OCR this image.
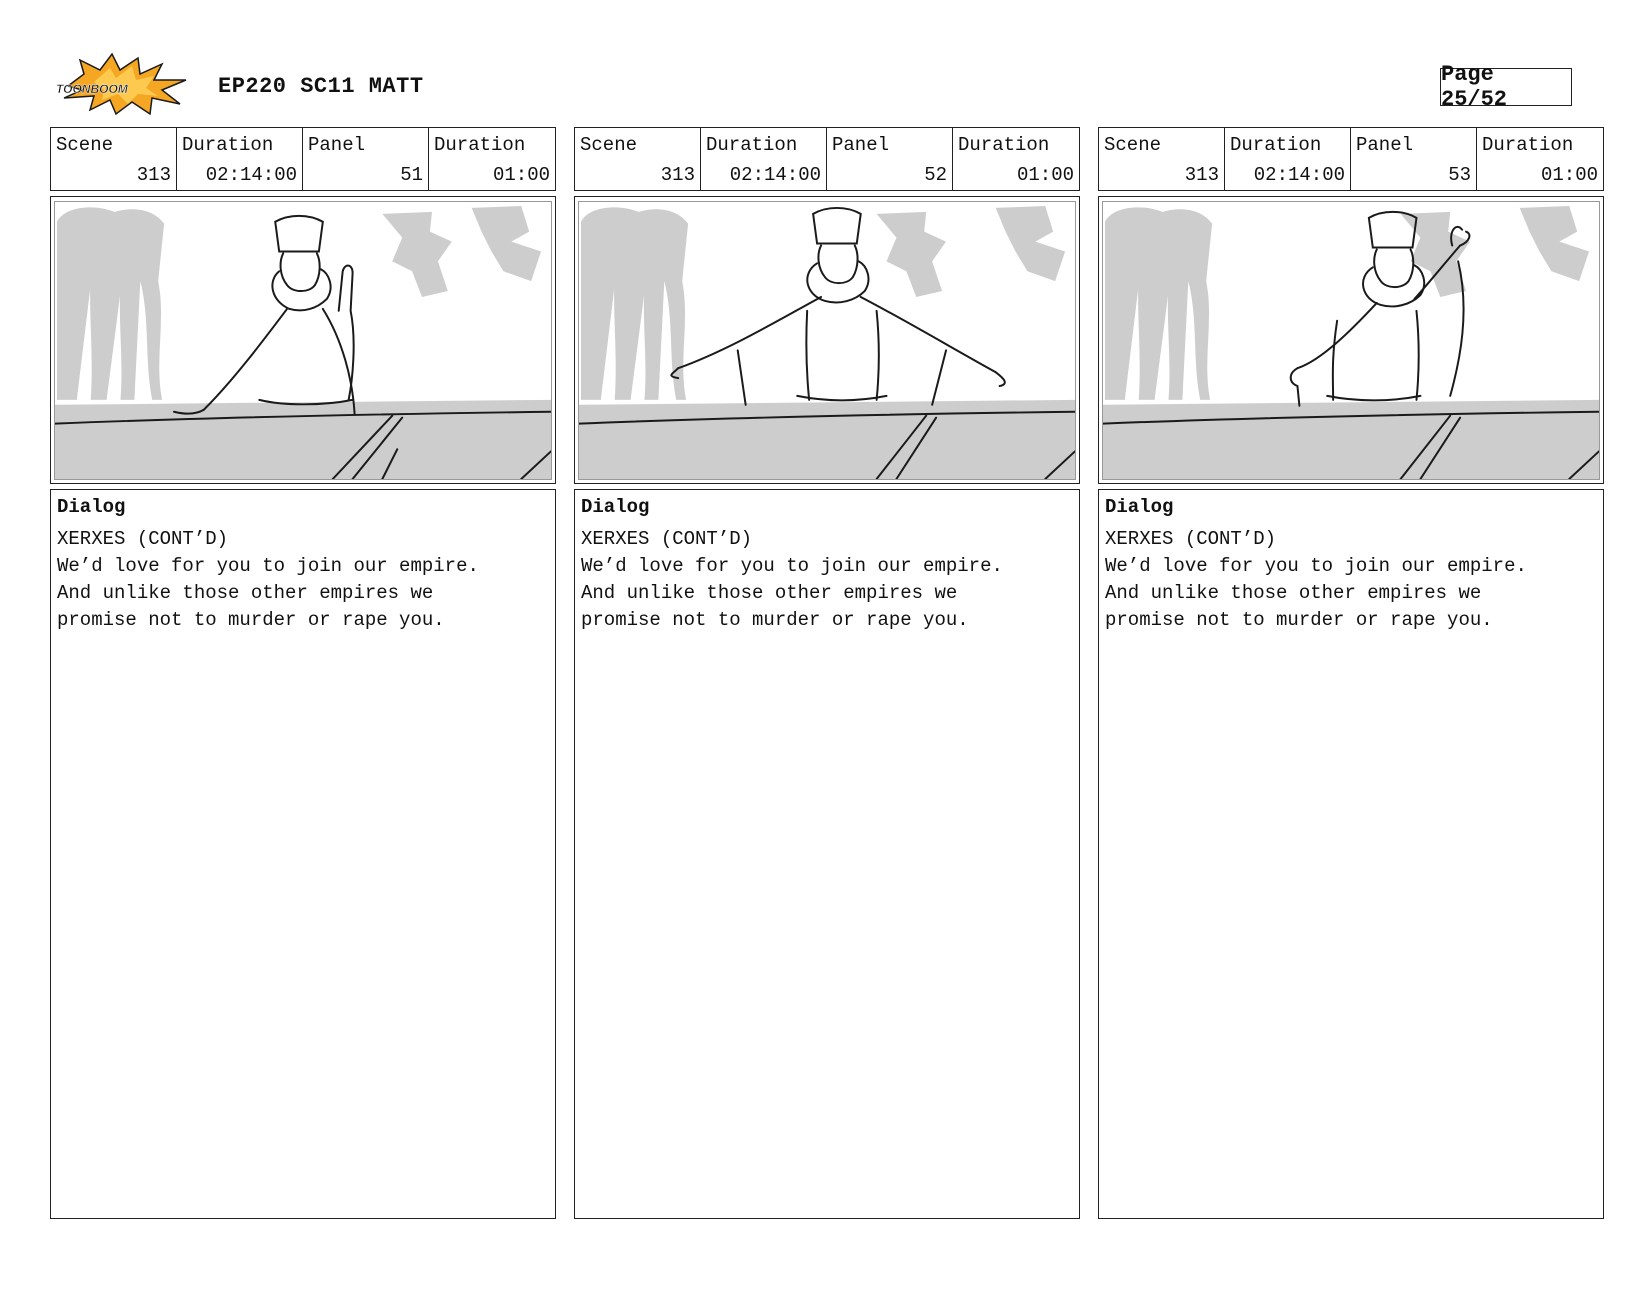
TOONBOOM	EP220 SC11 MATT	Page 25/52
Scene
313
Duration
02:14:00
Panel
51
Duration
01:00
Dialog
XERXES (CONT’D)
We’d love for you to join our empire.
And unlike those other empires we
promise not to murder or rape you.
Scene
313
Duration
02:14:00
Panel
52
Duration
01:00
Dialog
XERXES (CONT’D)
We’d love for you to join our empire.
And unlike those other empires we
promise not to murder or rape you.
Scene
313
Duration
02:14:00
Panel
53
Duration
01:00
Dialog
XERXES (CONT’D)
We’d love for you to join our empire.
And unlike those other empires we
promise not to murder or rape you.
